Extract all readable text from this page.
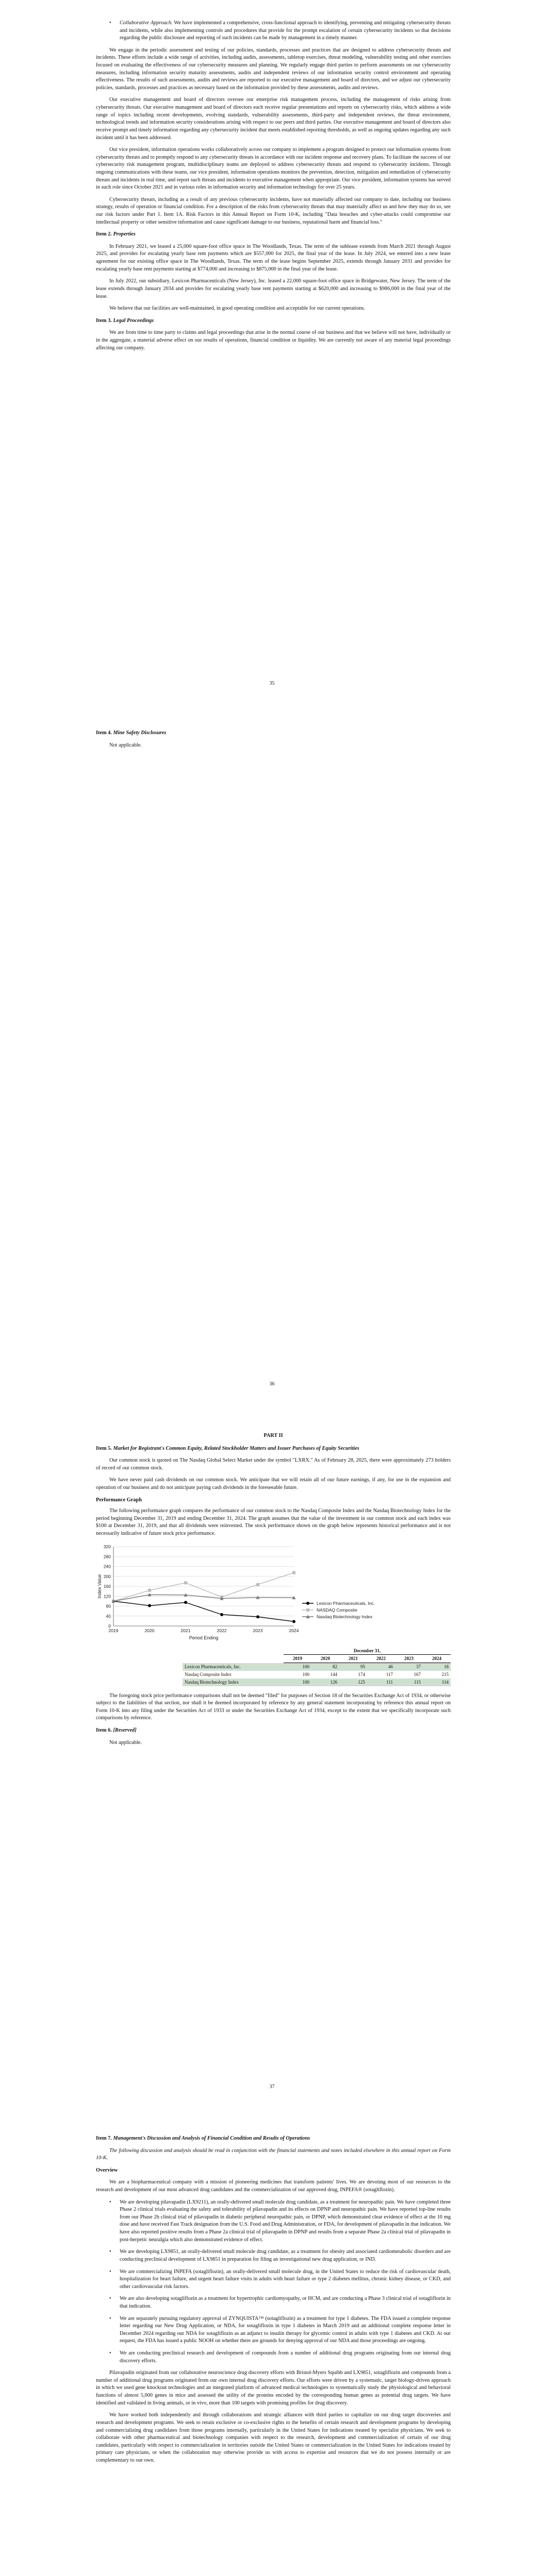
• Collaborative Approach. We have implemented a comprehensive, cross-functional approach to identifying, preventing and mitigating cybersecurity threats and incidents, while also implementing controls and procedures that provide for the prompt escalation of certain cybersecurity incidents so that decisions regarding the public disclosure and reporting of such incidents can be made by management in a timely manner.

We engage in the periodic assessment and testing of our policies, standards, processes and practices that are designed to address cybersecurity threats and incidents. These efforts include a wide range of activities, including audits, assessments, tabletop exercises, threat modeling, vulnerability testing and other exercises focused on evaluating the effectiveness of our cybersecurity measures and planning. We regularly engage third parties to perform assessments on our cybersecurity measures, including information security maturity assessments, audits and independent reviews of our information security control environment and operating effectiveness. The results of such assessments, audits and reviews are reported to our executive management and board of directors, and we adjust our cybersecurity policies, standards, processes and practices as necessary based on the information provided by these assessments, audits and reviews.

Our executive management and board of directors oversee our enterprise risk management process, including the management of risks arising from cybersecurity threats. Our executive management and board of directors each receive regular presentations and reports on cybersecurity risks, which address a wide range of topics including recent developments, evolving standards, vulnerability assessments, third-party and independent reviews, the threat environment, technological trends and information security considerations arising with respect to our peers and third parties. Our executive management and board of directors also receive prompt and timely information regarding any cybersecurity incident that meets established reporting thresholds, as well as ongoing updates regarding any such incident until it has been addressed.

Our vice president, information operations works collaboratively across our company to implement a program designed to protect our information systems from cybersecurity threats and to promptly respond to any cybersecurity threats in accordance with our incident response and recovery plans. To facilitate the success of our cybersecurity risk management program, multidisciplinary teams are deployed to address cybersecurity threats and respond to cybersecurity incidents. Through ongoing communications with these teams, our vice president, information operations monitors the prevention, detection, mitigation and remediation of cybersecurity threats and incidents in real time, and report such threats and incidents to executive management when appropriate. Our vice president, information systems has served in such role since October 2021 and in various roles in information security and information technology for over 25 years.

Cybersecurity threats, including as a result of any previous cybersecurity incidents, have not materially affected our company to date, including our business strategy, results of operation or financial condition. For a description of the risks from cybersecurity threats that may materially affect us and how they may do so, see our risk factors under Part 1. Item 1A. Risk Factors in this Annual Report on Form 10-K, including "Data breaches and cyber-attacks could compromise our intellectual property or other sensitive information and cause significant damage to our business, reputational harm and financial loss."

Item 2. Properties

In February 2021, we leased a 25,000 square-foot office space in The Woodlands, Texas. The term of the sublease extends from March 2021 through August 2025, and provides for escalating yearly base rent payments which are $557,000 for 2025, the final year of the lease. In July 2024, we entered into a new lease agreement for our existing office space in The Woodlands, Texas. The term of the lease begins September 2025, extends through January 2031 and provides for escalating yearly base rent payments starting at $774,000 and increasing to $875,000 in the final year of the lease.

In July 2022, our subsidiary, Lexicon Pharmaceuticals (New Jersey), Inc. leased a 22,000 square-foot office space in Bridgewater, New Jersey. The term of the lease extends through January 2034 and provides for escalating yearly base rent payments starting at $620,000 and increasing to $986,000 in the final year of the lease.

We believe that our facilities are well-maintained, in good operating condition and acceptable for our current operations.

Item 3. Legal Proceedings

We are from time to time party to claims and legal proceedings that arise in the normal course of our business and that we believe will not have, individually or in the aggregate, a material adverse effect on our results of operations, financial condition or liquidity. We are currently not aware of any material legal proceedings affecting our company.

35
Item 4. Mine Safety Disclosures

Not applicable.

36
PART II
Item 5. Market for Registrant's Common Equity, Related Stockholder Matters and Issuer Purchases of Equity Securities

Our common stock is quoted on The Nasdaq Global Select Market under the symbol "LXRX." As of February 28, 2025, there were approximately 273 holders of record of our common stock.

We have never paid cash dividends on our common stock. We anticipate that we will retain all of our future earnings, if any, for use in the expansion and operation of our business and do not anticipate paying cash dividends in the foreseeable future.

Performance Graph

The following performance graph compares the performance of our common stock to the Nasdaq Composite Index and the Nasdaq Biotechnology Index for the period beginning December 31, 2019 and ending December 31, 2024. The graph assumes that the value of the investment in our common stock and each index was $100 at December 31, 2019, and that all dividends were reinvested. The stock performance shown on the graph below represents historical performance and is not necessarily indicative of future stock price performance.

0
40
80
120
160
200
240
280
320
2019	2020	2021	2022	2023	2024
Period Ending
Index Value
Lexicon Pharmaceuticals, Inc.
NASDAQ Composite
Nasdaq Biotechnology Index
	December 31,					
	2019	2020	2021	2022	2023	2024
Lexicon Pharmaceuticals, Inc.	100	82	95	46	37	18
Nasdaq Composite Index	100	144	174	117	167	215
Nasdaq Biotechnology Index	100	126	125	111	115	114

The foregoing stock price performance comparisons shall not be deemed "filed" for purposes of Section 18 of the Securities Exchange Act of 1934, or otherwise subject to the liabilities of that section, nor shall it be deemed incorporated by reference by any general statement incorporating by reference this annual report on Form 10-K into any filing under the Securities Act of 1933 or under the Securities Exchange Act of 1934, except to the extent that we specifically incorporate such comparisons by reference.

Item 6. [Reserved]

Not applicable.

37
Item 7. Management's Discussion and Analysis of Financial Condition and Results of Operations

The following discussion and analysis should be read in conjunction with the financial statements and notes included elsewhere in this annual report on Form 10-K.

Overview

We are a biopharmaceutical company with a mission of pioneering medicines that transform patients' lives. We are devoting most of our resources to the research and development of our most advanced drug candidates and the commercialization of our approved drug, INPEFA® (sotagliflozin).

• We are developing pilavapadin (LX9211), an orally-delivered small molecule drug candidate, as a treatment for neuropathic pain. We have completed three Phase 2 clinical trials evaluating the safety and tolerability of pilavapadin and its effects on DPNP and neuropathic pain. We have reported top-line results from our Phase 2b clinical trial of pilavapadin in diabetic peripheral neuropathic pain, or DPNP, which demonstrated clear evidence of effect at the 10 mg dose and have received Fast Track designation from the U.S. Food and Drug Administration, or FDA, for development of pilavapadin in that indication. We have also reported positive results from a Phase 2a clinical trial of pilavapadin in DPNP and results from a separate Phase 2a clinical trial of pilavapadin in post-herpetic neuralgia which also demonstrated evidence of effect.
• We are developing LX9851, an orally-delivered small molecule drug candidate, as a treatment for obesity and associated cardiometabolic disorders and are conducting preclinical development of LX9851 in preparation for filing an investigational new drug application, or IND.
• We are commercializing INPEFA (sotagliflozin), an orally-delivered small molecule drug, in the United States to reduce the risk of cardiovascular death, hospitalization for heart failure, and urgent heart failure visits in adults with heart failure or type 2 diabetes mellitus, chronic kidney disease, or CKD, and other cardiovascular risk factors.
• We are also developing sotagliflozin as a treatment for hypertrophic cardiomyopathy, or HCM, and are conducting a Phase 3 clinical trial of sotagliflozin in that indication.
• We are separately pursuing regulatory approval of ZYNQUISTA™ (sotagliflozin) as a treatment for type 1 diabetes. The FDA issued a complete response letter regarding our New Drug Application, or NDA, for sotagliflozin in type 1 diabetes in March 2019 and an additional complete response letter in December 2024 regarding our NDA for sotagliflozin as an adjunct to insulin therapy for glycemic control in adults with type 1 diabetes and CKD. At our request, the FDA has issued a public NOOH on whether there are grounds for denying approval of our NDA and those proceedings are ongoing.
• We are conducting preclinical research and development of compounds from a number of additional drug programs originating from our internal drug discovery efforts.

Pilavapadin originated from our collaborative neuroscience drug discovery efforts with Bristol-Myers Squibb and LX9851, sotagliflozin and compounds from a number of additional drug programs originated from our own internal drug discovery efforts. Our efforts were driven by a systematic, target biology-driven approach in which we used gene knockout technologies and an integrated platform of advanced medical technologies to systematically study the physiological and behavioral functions of almost 5,000 genes in mice and assessed the utility of the proteins encoded by the corresponding human genes as potential drug targets. We have identified and validated in living animals, or in vivo, more than 100 targets with promising profiles for drug discovery.

We have worked both independently and through collaborations and strategic alliances with third parties to capitalize on our drug target discoveries and research and development programs. We seek to retain exclusive or co-exclusive rights to the benefits of certain research and development programs by developing and commercializing drug candidates from those programs internally, particularly in the United States for indications treated by specialist physicians. We seek to collaborate with other pharmaceutical and biotechnology companies with respect to the research, development and commercialization of certain of our drug candidates, particularly with respect to commercialization in territories outside the United States or commercialization in the United States for indications treated by primary care physicians, or when the collaboration may otherwise provide us with access to expertise and resources that we do not possess internally or are complementary to our own.
